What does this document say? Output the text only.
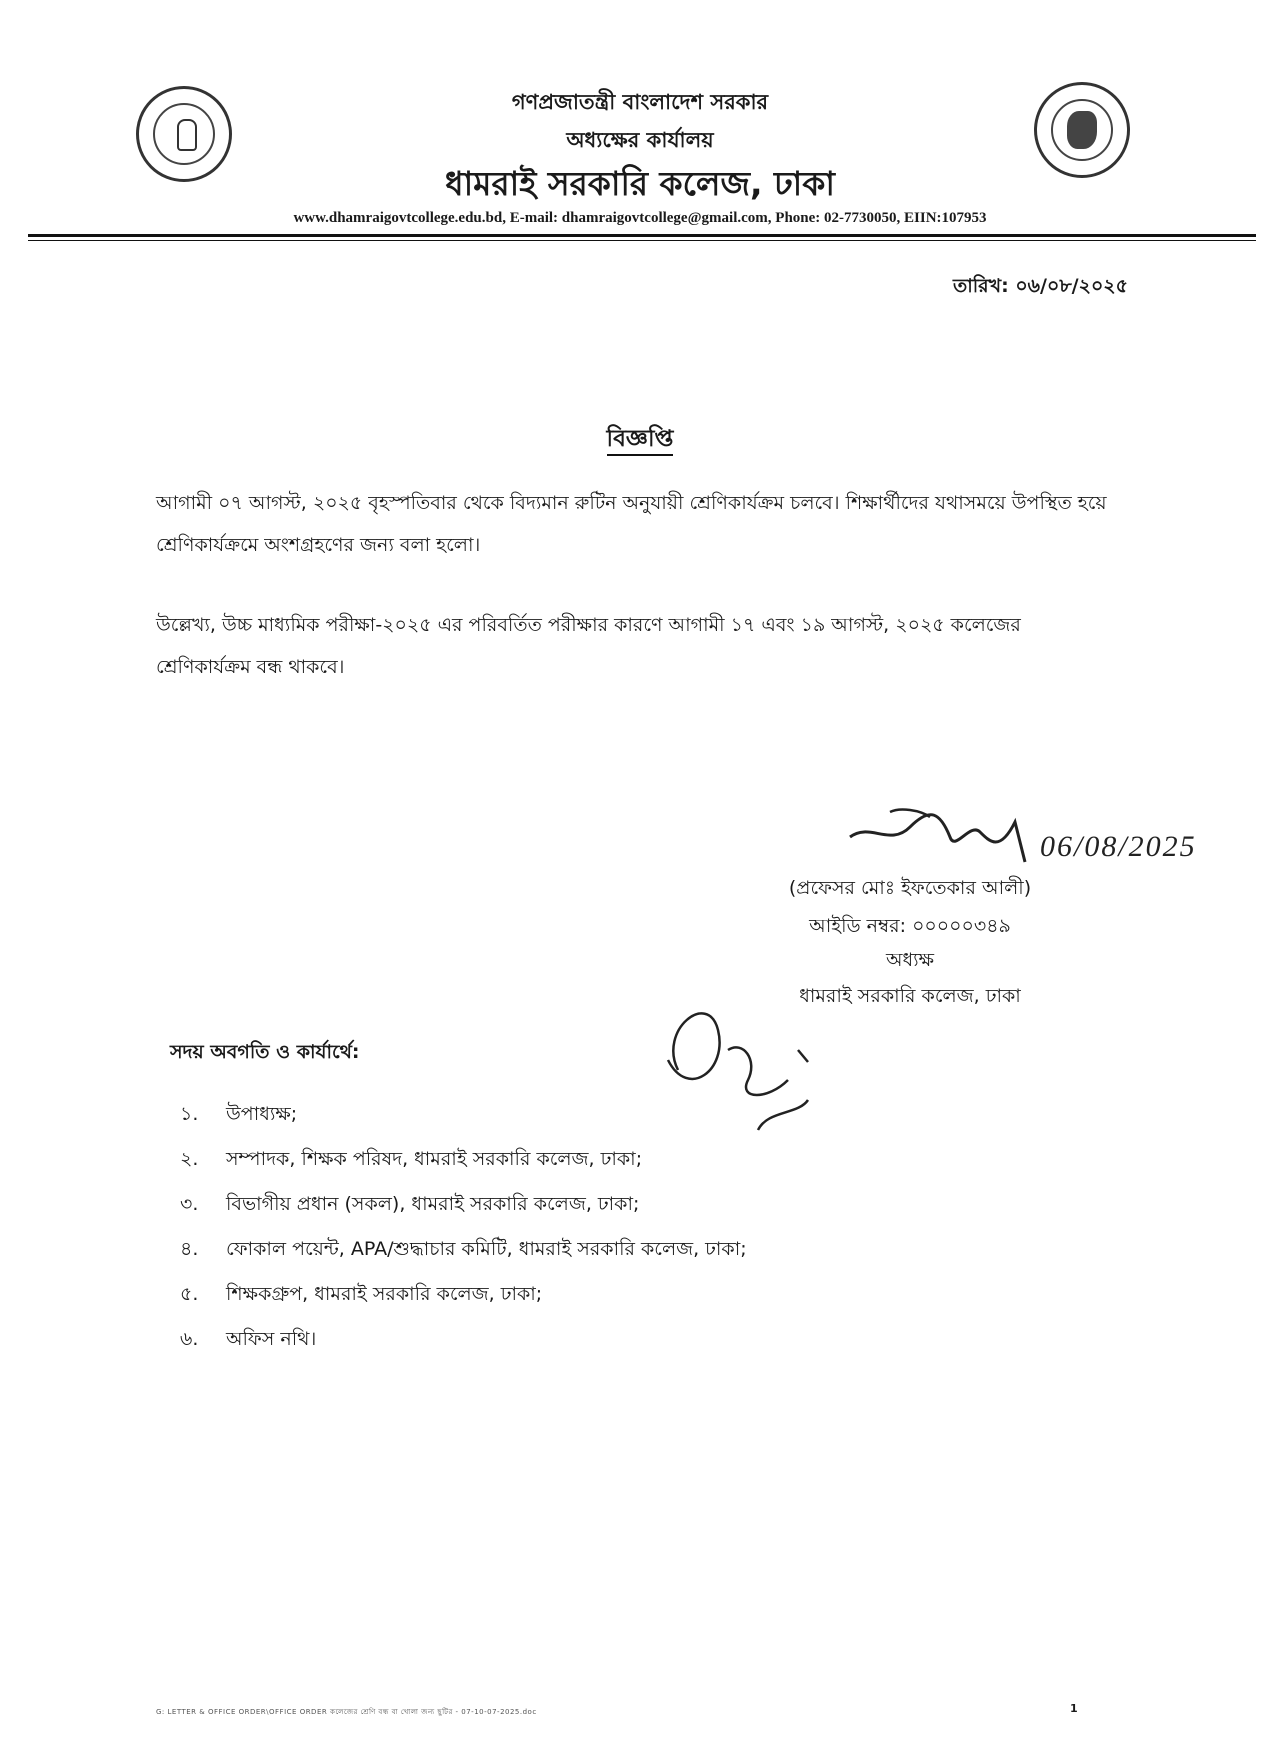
গণপ্রজাতন্ত্রী বাংলাদেশ সরকার
অধ্যক্ষের কার্যালয়
ধামরাই সরকারি কলেজ, ঢাকা
www.dhamraigovtcollege.edu.bd, E-mail: dhamraigovtcollege@gmail.com, Phone: 02-7730050, EIIN:107953
তারিখ: ০৬/০৮/২০২৫
বিজ্ঞপ্তি
আগামী ০৭ আগস্ট, ২০২৫ বৃহস্পতিবার থেকে বিদ্যমান রুটিন অনুযায়ী শ্রেণিকার্যক্রম চলবে। শিক্ষার্থীদের যথাসময়ে উপস্থিত হয়ে শ্রেণিকার্যক্রমে অংশগ্রহণের জন্য বলা হলো।
উল্লেখ্য, উচ্চ মাধ্যমিক পরীক্ষা-২০২৫ এর পরিবর্তিত পরীক্ষার কারণে আগামী ১৭ এবং ১৯ আগস্ট, ২০২৫ কলেজের শ্রেণিকার্যক্রম বন্ধ থাকবে।
06/08/2025
(প্রফেসর মোঃ ইফতেকার আলী)
আইডি নম্বর: ০০০০০৩৪৯
অধ্যক্ষ
ধামরাই সরকারি কলেজ, ঢাকা
সদয় অবগতি ও কার্যার্থে:
১. উপাধ্যক্ষ;
২. সম্পাদক, শিক্ষক পরিষদ, ধামরাই সরকারি কলেজ, ঢাকা;
৩. বিভাগীয় প্রধান (সকল), ধামরাই সরকারি কলেজ, ঢাকা;
৪. ফোকাল পয়েন্ট, APA/শুদ্ধাচার কমিটি, ধামরাই সরকারি কলেজ, ঢাকা;
৫. শিক্ষকগ্রুপ, ধামরাই সরকারি কলেজ, ঢাকা;
৬. অফিস নথি।
G: LETTER & OFFICE ORDER\OFFICE ORDER কলেজের শ্রেণি বন্ধ বা খোলা জন্য ছুটির - 07-10-07-2025.doc	1
